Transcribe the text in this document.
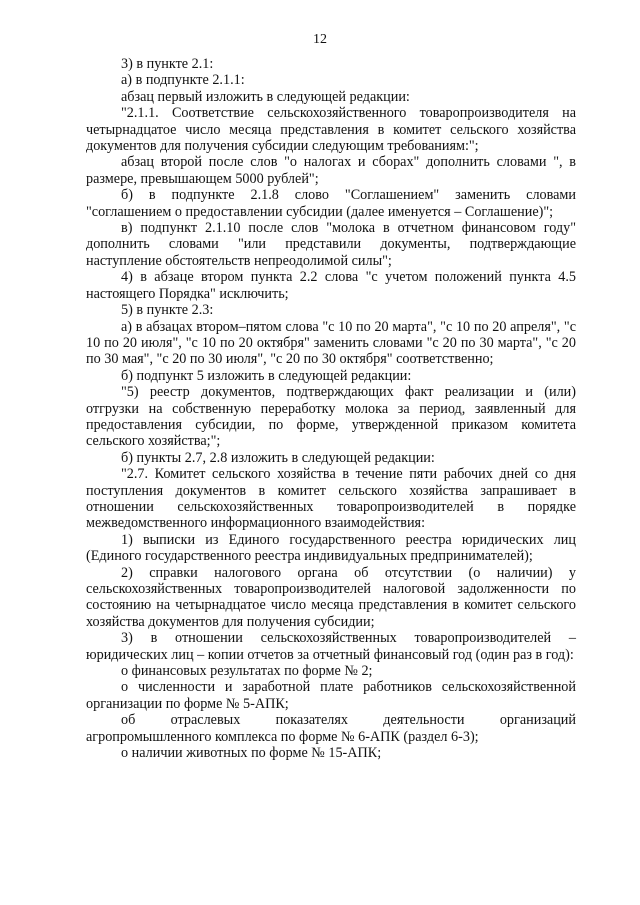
12

3) в пункте 2.1:

а) в подпункте 2.1.1:

абзац первый изложить в следующей редакции:

"2.1.1. Соответствие сельскохозяйственного товаропроизводителя на четырнадцатое число месяца представления в комитет сельского хозяйства документов для получения субсидии следующим требованиям:";

абзац второй после слов "о налогах и сборах" дополнить словами ", в размере, превышающем 5000 рублей";

б) в подпункте 2.1.8 слово "Соглашением" заменить словами "соглашением о предоставлении субсидии (далее именуется – Соглашение)";

в) подпункт 2.1.10 после слов "молока в отчетном финансовом году" дополнить словами "или представили документы, подтверждающие наступление обстоятельств непреодолимой силы";

4) в абзаце втором пункта 2.2 слова "с учетом положений пункта 4.5 настоящего Порядка" исключить;

5) в пункте 2.3:

а) в абзацах втором–пятом слова "с 10 по 20 марта", "с 10 по 20 апреля", "с 10 по 20 июля", "с 10 по 20 октября" заменить словами "с 20 по 30 марта", "с 20 по 30 мая", "с 20 по 30 июля", "с 20 по 30 октября" соответственно;

б) подпункт 5 изложить в следующей редакции:

"5) реестр документов, подтверждающих факт реализации и (или) отгрузки на собственную переработку молока за период, заявленный для предоставления субсидии, по форме, утвержденной приказом комитета сельского хозяйства;";

б) пункты 2.7, 2.8 изложить в следующей редакции:

"2.7. Комитет сельского хозяйства в течение пяти рабочих дней со дня поступления документов в комитет сельского хозяйства запрашивает в отношении сельскохозяйственных товаропроизводителей в порядке межведомственного информационного взаимодействия:

1) выписки из Единого государственного реестра юридических лиц (Единого государственного реестра индивидуальных предпринимателей);

2) справки налогового органа об отсутствии (о наличии) у сельскохозяйственных товаропроизводителей налоговой задолженности по состоянию на четырнадцатое число месяца представления в комитет сельского хозяйства документов для получения субсидии;

3) в отношении сельскохозяйственных товаропроизводителей – юридических лиц – копии отчетов за отчетный финансовый год (один раз в год):

о финансовых результатах по форме № 2;

о численности и заработной плате работников сельскохозяйственной организации по форме № 5-АПК;

об отраслевых показателях деятельности организаций агропромышленного комплекса по форме № 6-АПК (раздел 6-3);

о наличии животных по форме № 15-АПК;
